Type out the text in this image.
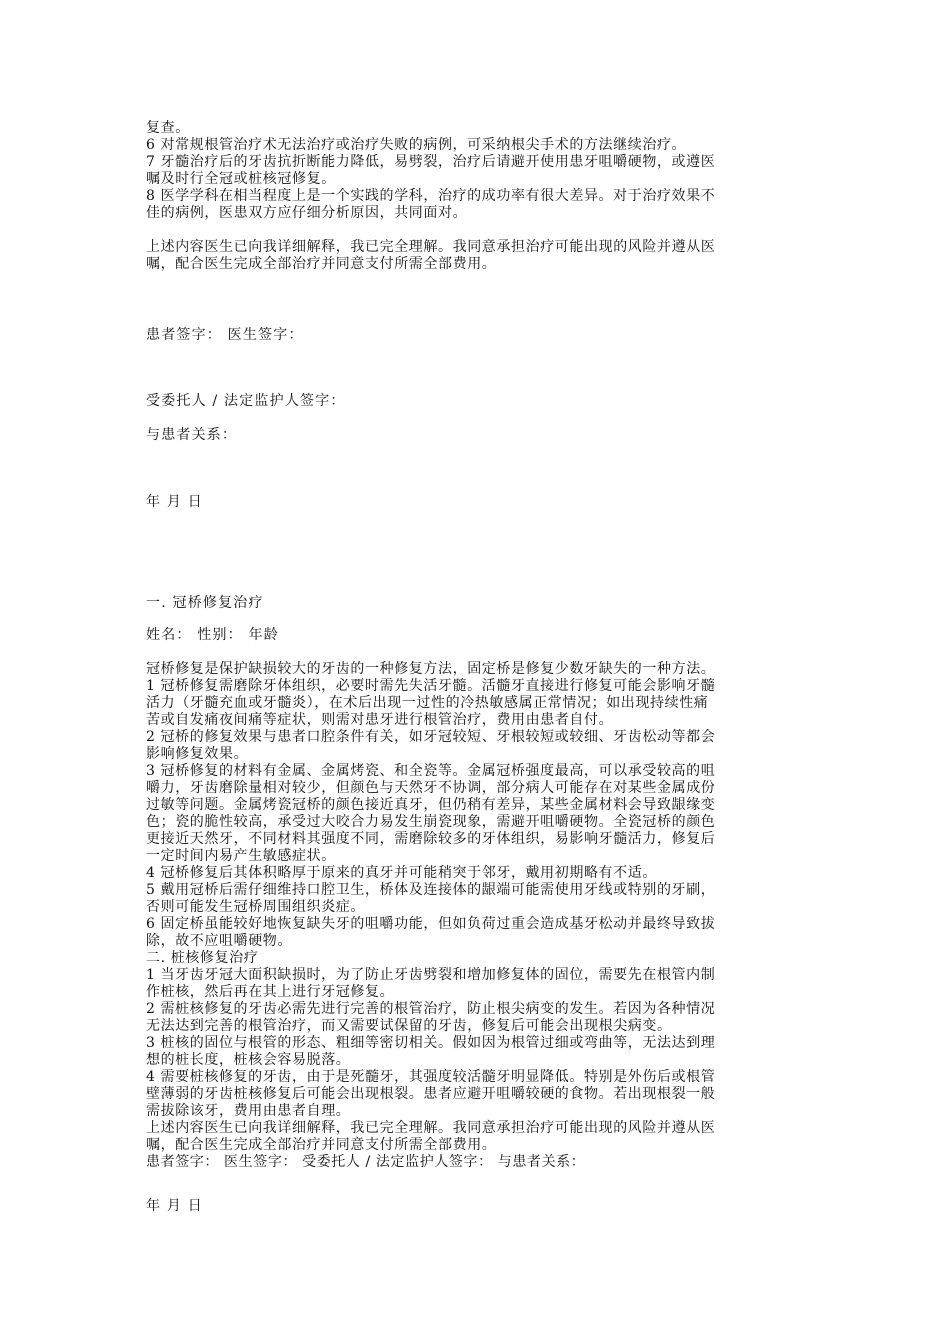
复查。

6 对常规根管治疗术无法治疗或治疗失败的病例，可采纳根尖手术的方法继续治疗。

7 牙髓治疗后的牙齿抗折断能力降低，易劈裂，治疗后请避开使用患牙咀嚼硬物，或遵医

嘱及时行全冠或桩核冠修复。

8 医学学科在相当程度上是一个实践的学科，治疗的成功率有很大差异。对于治疗效果不

佳的病例，医患双方应仔细分析原因，共同面对。

上述内容医生已向我详细解释，我已完全理解。我同意承担治疗可能出现的风险并遵从医

嘱，配合医生完成全部治疗并同意支付所需全部费用。

患者签字： 医生签字：
受委托人 / 法定监护人签字：
与患者关系：
年 月 日
一. 冠桥修复治疗
姓名： 性别： 年龄

冠桥修复是保护缺损较大的牙齿的一种修复方法，固定桥是修复少数牙缺失的一种方法。

1 冠桥修复需磨除牙体组织，必要时需先失活牙髓。活髓牙直接进行修复可能会影响牙髓

活力（牙髓充血或牙髓炎），在术后出现一过性的冷热敏感属正常情况；如出现持续性痛

苦或自发痛夜间痛等症状，则需对患牙进行根管治疗，费用由患者自付。

2 冠桥的修复效果与患者口腔条件有关，如牙冠较短、牙根较短或较细、牙齿松动等都会

影响修复效果。

3 冠桥修复的材料有金属、金属烤瓷、和全瓷等。金属冠桥强度最高，可以承受较高的咀

嚼力，牙齿磨除量相对较少，但颜色与天然牙不协调，部分病人可能存在对某些金属成份

过敏等问题。金属烤瓷冠桥的颜色接近真牙，但仍稍有差异，某些金属材料会导致龈缘变

色；瓷的脆性较高，承受过大咬合力易发生崩瓷现象，需避开咀嚼硬物。全瓷冠桥的颜色

更接近天然牙，不同材料其强度不同，需磨除较多的牙体组织，易影响牙髓活力，修复后

一定时间内易产生敏感症状。

4 冠桥修复后其体积略厚于原来的真牙并可能稍突于邻牙，戴用初期略有不适。

5 戴用冠桥后需仔细维持口腔卫生，桥体及连接体的龈端可能需使用牙线或特别的牙刷，

否则可能发生冠桥周围组织炎症。

6 固定桥虽能较好地恢复缺失牙的咀嚼功能，但如负荷过重会造成基牙松动并最终导致拔

除，故不应咀嚼硬物。

二. 桩核修复治疗

1 当牙齿牙冠大面积缺损时，为了防止牙齿劈裂和增加修复体的固位，需要先在根管内制

作桩核，然后再在其上进行牙冠修复。

2 需桩核修复的牙齿必需先进行完善的根管治疗，防止根尖病变的发生。若因为各种情况

无法达到完善的根管治疗，而又需要试保留的牙齿，修复后可能会出现根尖病变。

3 桩核的固位与根管的形态、粗细等密切相关。假如因为根管过细或弯曲等，无法达到理

想的桩长度，桩核会容易脱落。

4 需要桩核修复的牙齿，由于是死髓牙，其强度较活髓牙明显降低。特别是外伤后或根管

壁薄弱的牙齿桩核修复后可能会出现根裂。患者应避开咀嚼较硬的食物。若出现根裂一般

需拔除该牙，费用由患者自理。

上述内容医生已向我详细解释，我已完全理解。我同意承担治疗可能出现的风险并遵从医

嘱，配合医生完成全部治疗并同意支付所需全部费用。

患者签字： 医生签字： 受委托人 / 法定监护人签字： 与患者关系：

年 月 日
